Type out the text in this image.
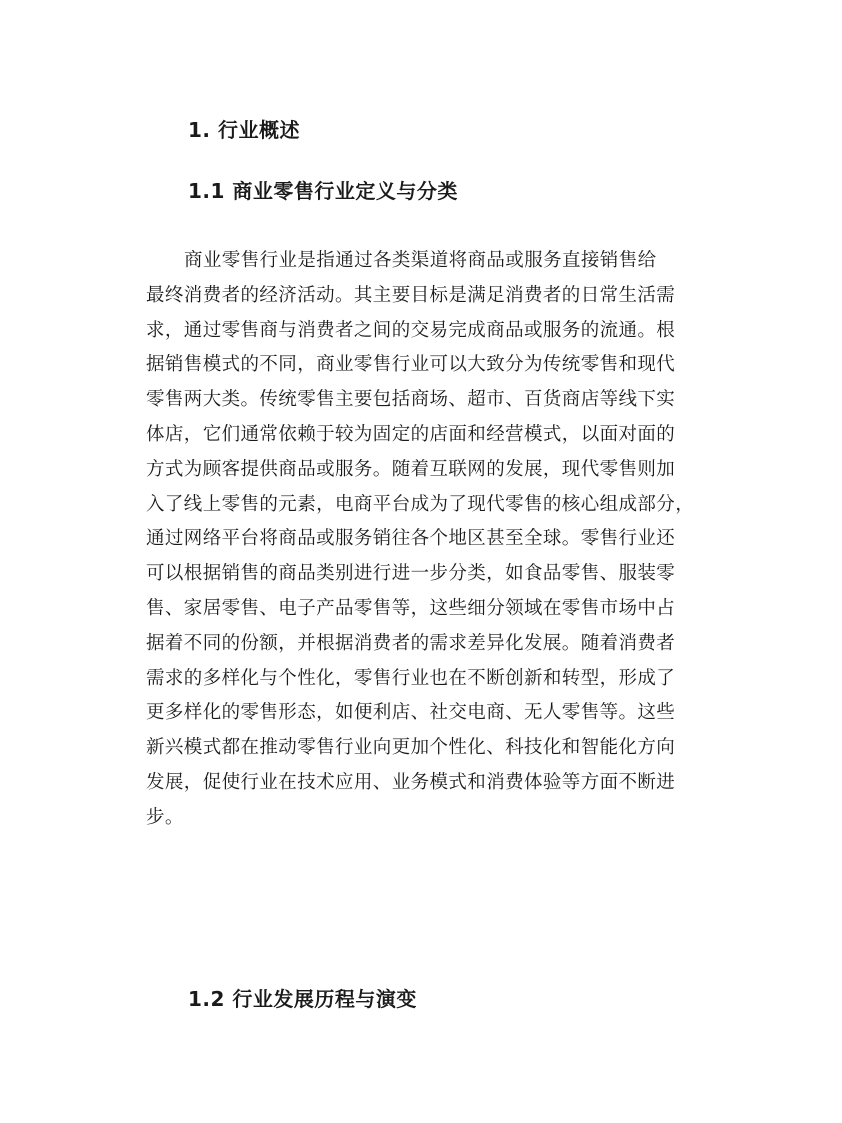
1. 行业概述
1.1 商业零售行业定义与分类

商业零售行业是指通过各类渠道将商品或服务直接销售给
最终消费者的经济活动。其主要目标是满足消费者的日常生活需
求，通过零售商与消费者之间的交易完成商品或服务的流通。根
据销售模式的不同，商业零售行业可以大致分为传统零售和现代
零售两大类。传统零售主要包括商场、超市、百货商店等线下实
体店，它们通常依赖于较为固定的店面和经营模式，以面对面的
方式为顾客提供商品或服务。随着互联网的发展，现代零售则加
入了线上零售的元素，电商平台成为了现代零售的核心组成部分，
通过网络平台将商品或服务销往各个地区甚至全球。零售行业还
可以根据销售的商品类别进行进一步分类，如食品零售、服装零
售、家居零售、电子产品零售等，这些细分领域在零售市场中占
据着不同的份额，并根据消费者的需求差异化发展。随着消费者
需求的多样化与个性化，零售行业也在不断创新和转型，形成了
更多样化的零售形态，如便利店、社交电商、无人零售等。这些
新兴模式都在推动零售行业向更加个性化、科技化和智能化方向
发展，促使行业在技术应用、业务模式和消费体验等方面不断进
步。

1.2 行业发展历程与演变
